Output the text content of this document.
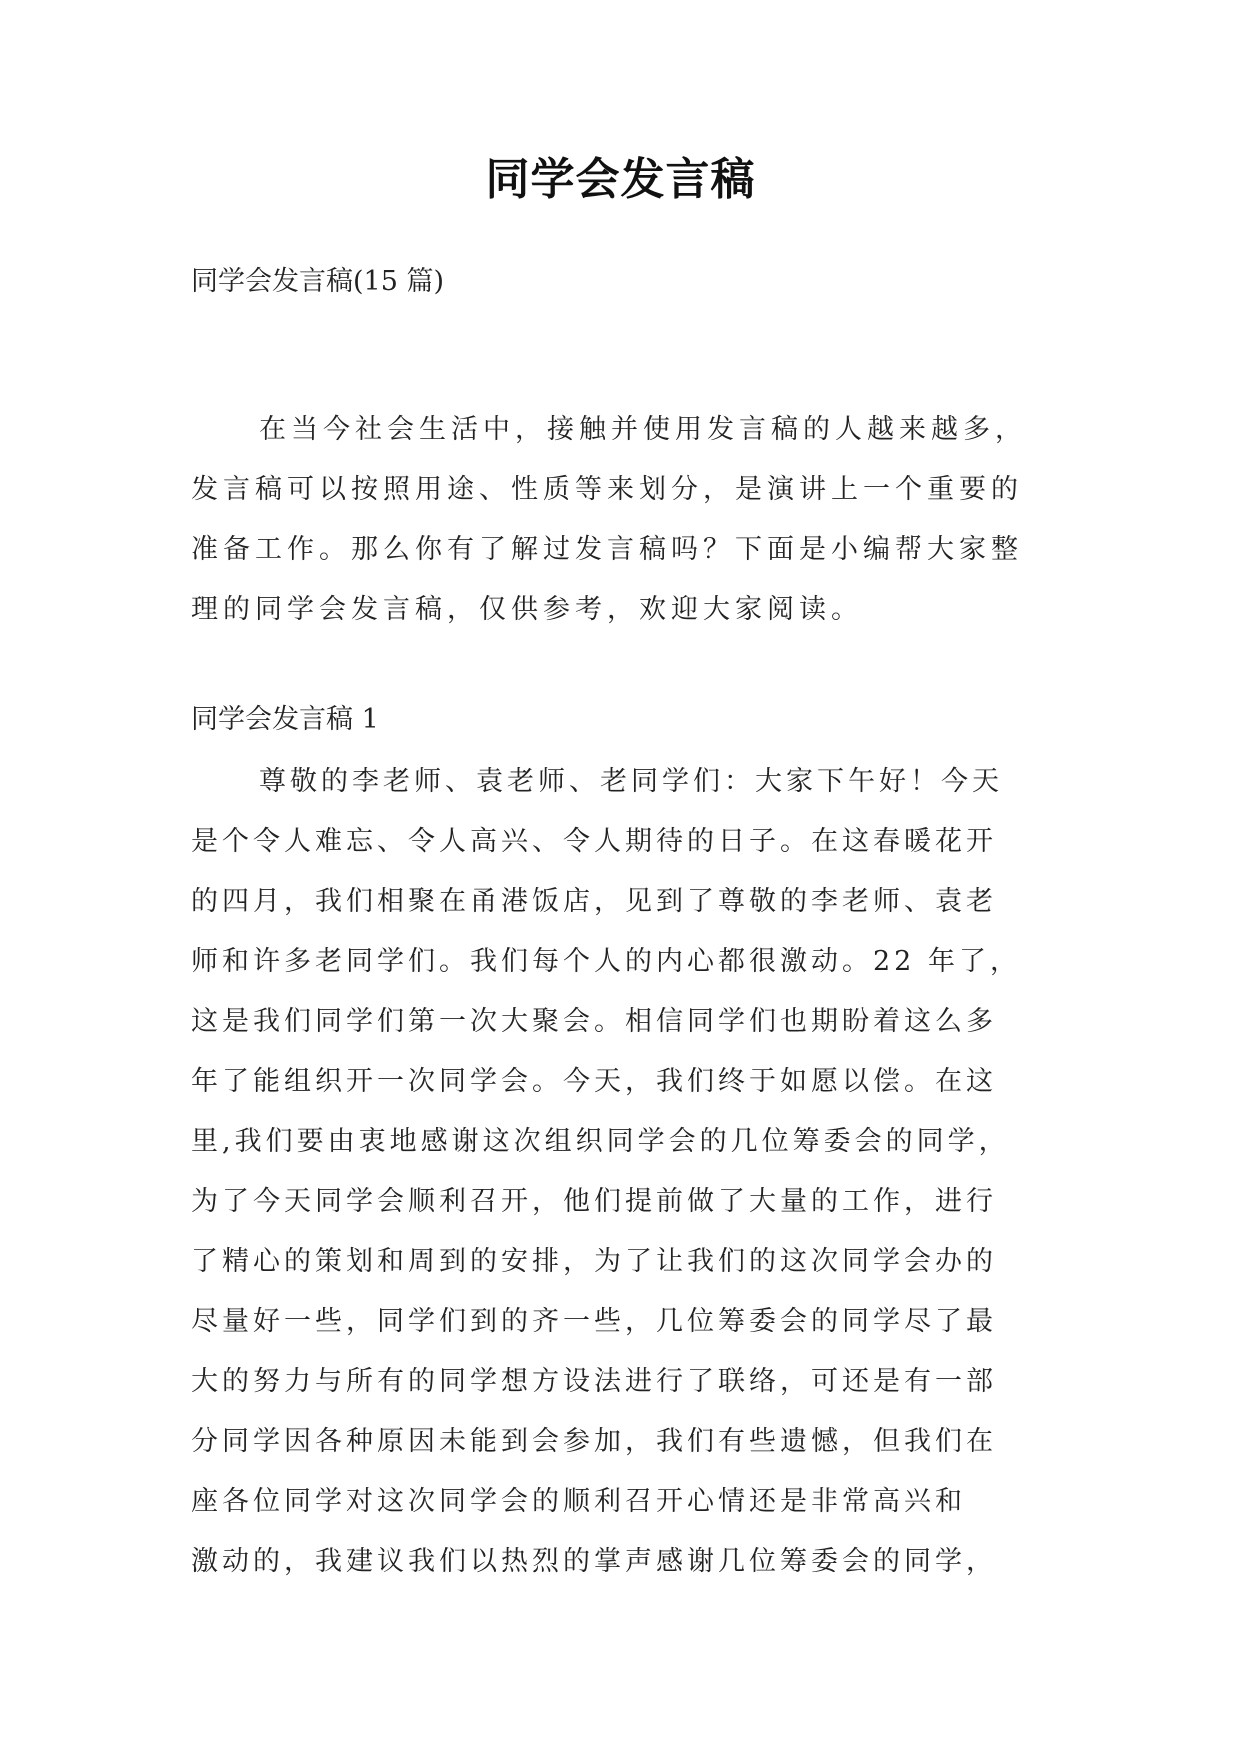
同学会发言稿
同学会发言稿(15 篇)
在当今社会生活中，接触并使用发言稿的人越来越多，
发言稿可以按照用途、性质等来划分，是演讲上一个重要的
准备工作。那么你有了解过发言稿吗？下面是小编帮大家整
理的同学会发言稿，仅供参考，欢迎大家阅读。
同学会发言稿 1
尊敬的李老师、袁老师、老同学们：大家下午好！今天
是个令人难忘、令人高兴、令人期待的日子。在这春暖花开
的四月，我们相聚在甬港饭店，见到了尊敬的李老师、袁老
师和许多老同学们。我们每个人的内心都很激动。22 年了，
这是我们同学们第一次大聚会。相信同学们也期盼着这么多
年了能组织开一次同学会。今天，我们终于如愿以偿。在这
里,我们要由衷地感谢这次组织同学会的几位筹委会的同学，
为了今天同学会顺利召开，他们提前做了大量的工作，进行
了精心的策划和周到的安排，为了让我们的这次同学会办的
尽量好一些，同学们到的齐一些，几位筹委会的同学尽了最
大的努力与所有的同学想方设法进行了联络，可还是有一部
分同学因各种原因未能到会参加，我们有些遗憾，但我们在
座各位同学对这次同学会的顺利召开心情还是非常高兴和
激动的，我建议我们以热烈的掌声感谢几位筹委会的同学，
